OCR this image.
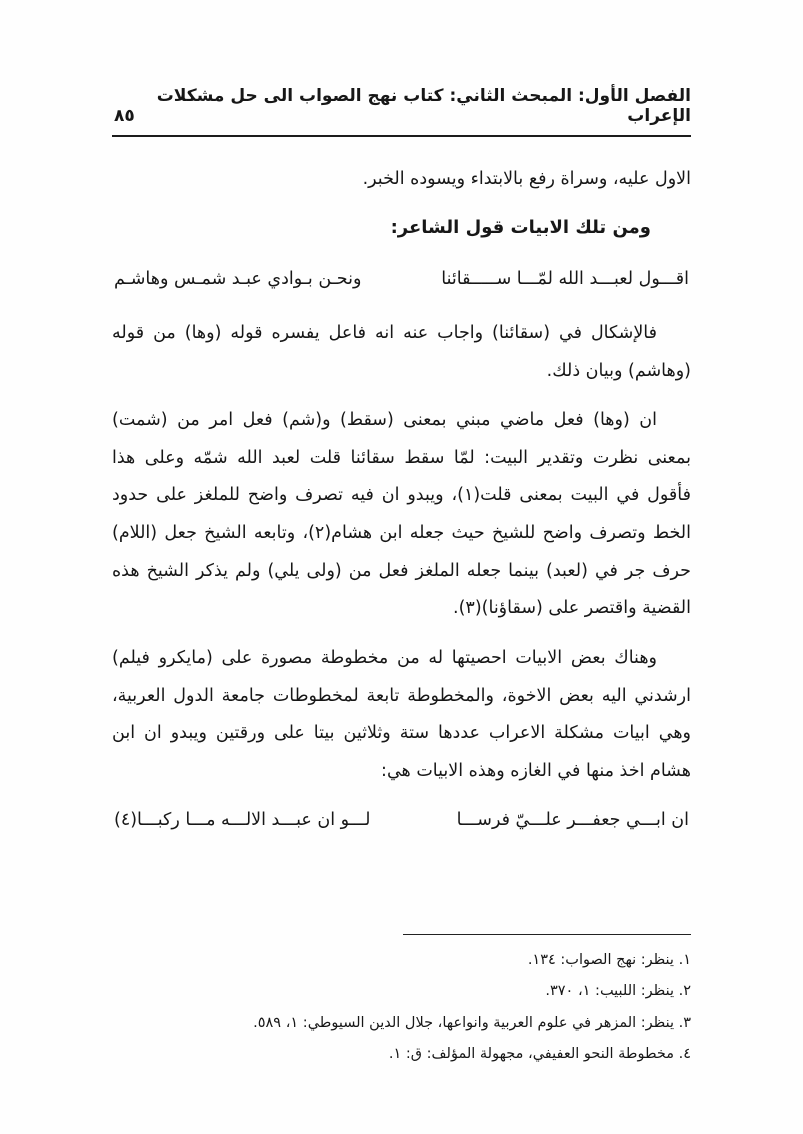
الفصل الأول: المبحث الثاني: كتاب نهج الصواب الى حل مشكلات الإعراب
٨٥

الاول عليه، وسراة رفع بالابتداء ويسوده الخبر.

ومن تلك الابيات قول الشاعر:
اقـــول لعبـــد الله لمّـــا ســـــقائنا
ونحـن بـوادي عبـد شمـس وهاشـم

فالإشكال في (سقائنا) واجاب عنه انه فاعل يفسره قوله (وها) من قوله (وهاشم) وبيان ذلك.

ان (وها) فعل ماضي مبني بمعنى (سقط) و(شم) فعل امر من (شمت) بمعنى نظرت وتقدير البيت: لمّا سقط سقائنا قلت لعبد الله شمّه وعلى هذا فأقول في البيت بمعنى قلت(١)، ويبدو ان فيه تصرف واضح للملغز على حدود الخط وتصرف واضح للشيخ حيث جعله ابن هشام(٢)، وتابعه الشيخ جعل (اللام) حرف جر في (لعبد) بينما جعله الملغز فعل من (ولى يلي) ولم يذكر الشيخ هذه القضية واقتصر على (سقاؤنا)(٣).

وهناك بعض الابيات احصيتها له من مخطوطة مصورة على (مايكرو فيلم) ارشدني اليه بعض الاخوة، والمخطوطة تابعة لمخطوطات جامعة الدول العربية، وهي ابيات مشكلة الاعراب عددها ستة وثلاثين بيتا على ورقتين ويبدو ان ابن هشام اخذ منها في الغازه وهذه الابيات هي:

ان ابـــي جعفـــر علـــيّ فرســـا
لـــو ان عبـــد الالـــه مـــا ركبـــا(٤)

١. ينظر: نهج الصواب: ١٣٤.

٢. ينظر: اللبيب: ١، ٣٧٠.

٣. ينظر: المزهر في علوم العربية وانواعها، جلال الدين السيوطي: ١، ٥٨٩.

٤. مخطوطة النحو العفيفي، مجهولة المؤلف: ق: ١.
